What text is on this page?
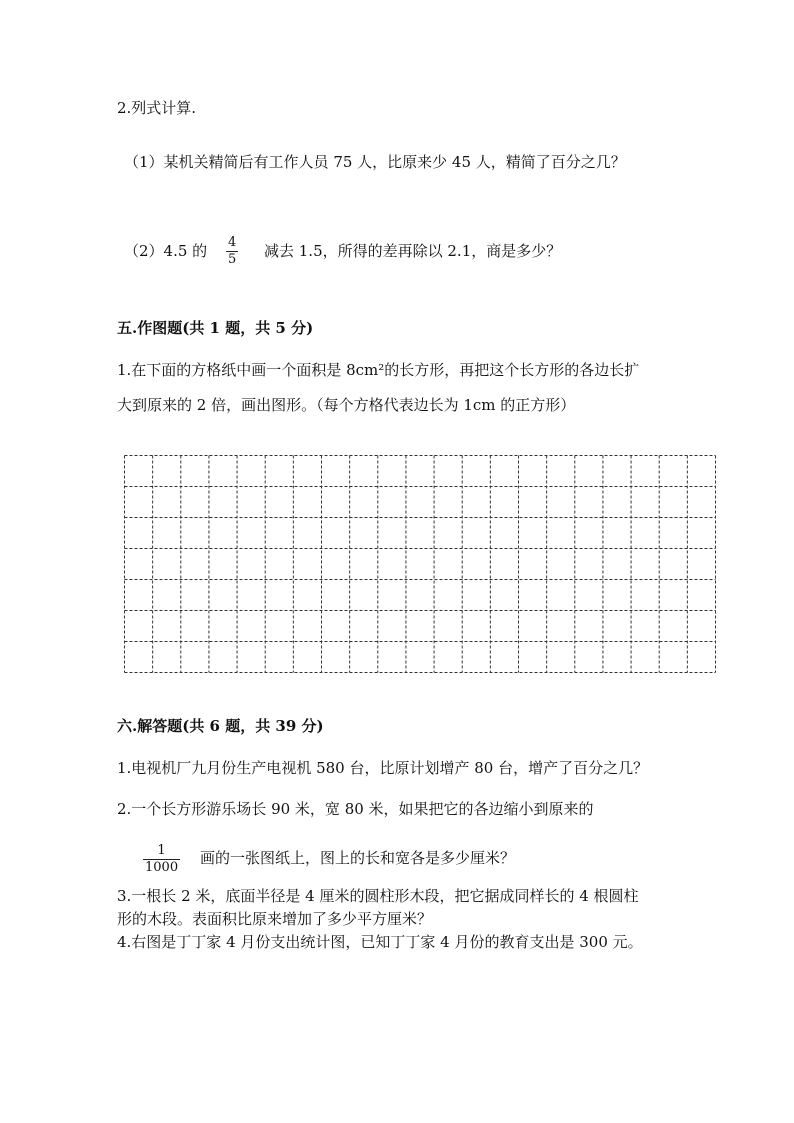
2.列式计算.
（1）某机关精简后有工作人员 75 人，比原来少 45 人，精简了百分之几？
（2）4.5 的 4
5 减去 1.5，所得的差再除以 2.1，商是多少？
五.作图题(共 1 题，共 5 分)
1.在下面的方格纸中画一个面积是 8cm²的长方形，再把这个长方形的各边长扩
大到原来的 2 倍，画出图形。（每个方格代表边长为 1cm 的正方形）
六.解答题(共 6 题，共 39 分)
1.电视机厂九月份生产电视机 580 台，比原计划增产 80 台，增产了百分之几？
2.一个长方形游乐场长 90 米，宽 80 米，如果把它的各边缩小到原来的
1
1000
画的一张图纸上，图上的长和宽各是多少厘米？
3.一根长 2 米，底面半径是 4 厘米的圆柱形木段，把它据成同样长的 4 根圆柱
形的木段。表面积比原来增加了多少平方厘米？
4.右图是丁丁家 4 月份支出统计图，已知丁丁家 4 月份的教育支出是 300 元。
